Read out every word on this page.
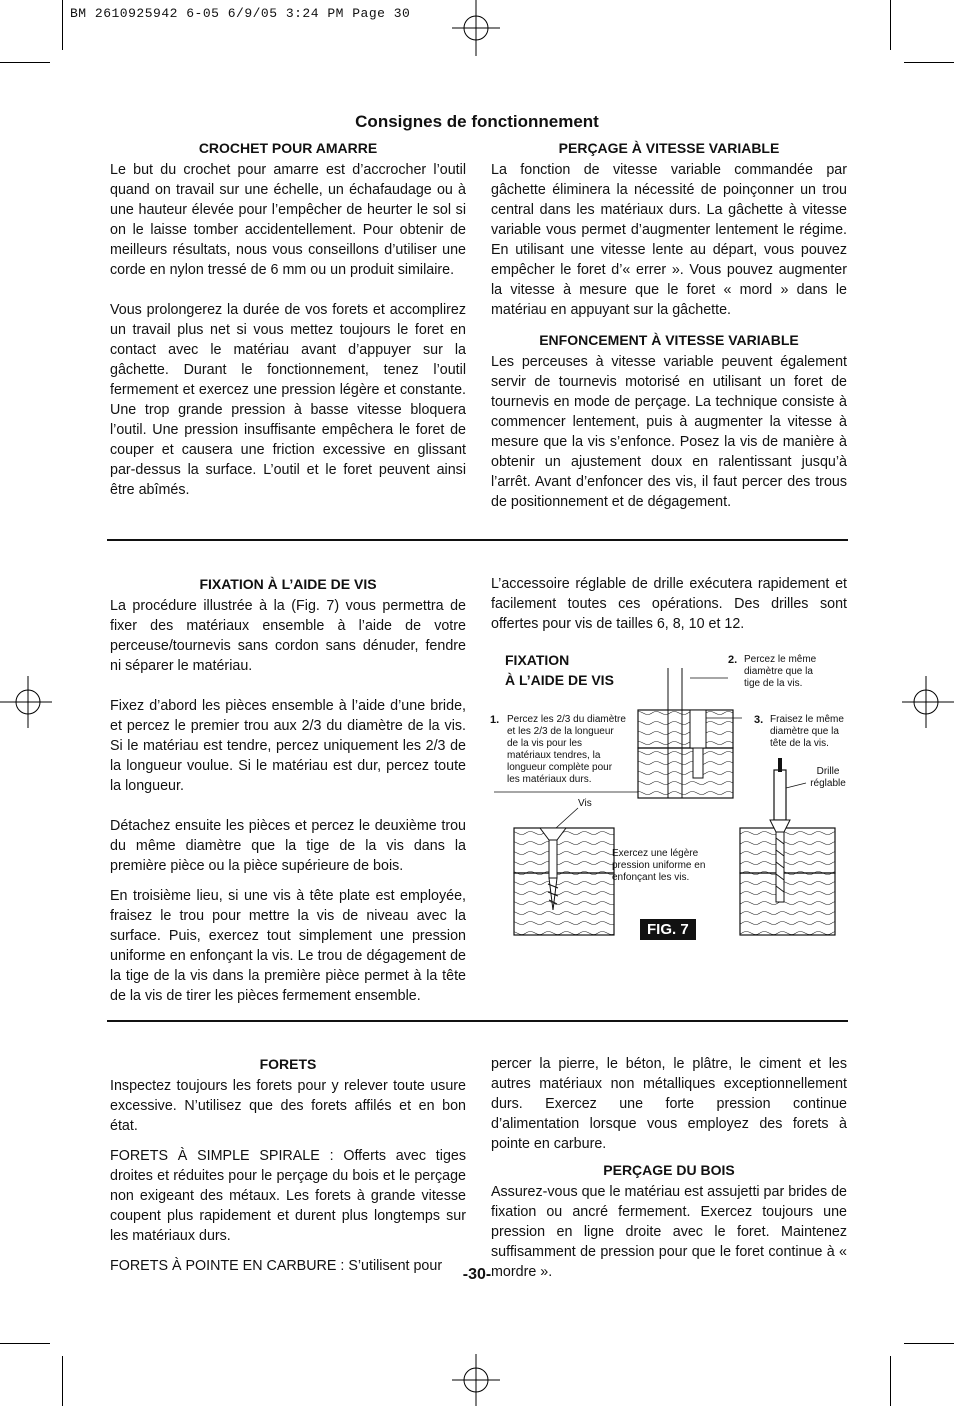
BM 2610925942 6-05 6/9/05 3:24 PM Page 30
Consignes de fonctionnement
CROCHET POUR AMARRE

Le but du crochet pour amarre est d’accrocher l’outil quand on travail sur une échelle, un échafaudage ou à une hauteur élevée pour l’empêcher de heurter le sol si on le laisse tomber accidentellement. Pour obtenir de meilleurs résultats, nous vous conseillons d’utiliser une corde en nylon tressé de 6 mm ou un produit similaire.

Vous prolongerez la durée de vos forets et accomplirez un travail plus net si vous mettez toujours le foret en contact avec le matériau avant d’appuyer sur la gâchette. Durant le fonctionnement, tenez l’outil fermement et exercez une pression légère et constante. Une trop grande pression à basse vitesse bloquera l’outil. Une pression insuffisante empêchera le foret de couper et causera une friction excessive en glissant par-dessus la surface. L’outil et le foret peuvent ainsi être abîmés.

PERÇAGE À VITESSE VARIABLE

La fonction de vitesse variable commandée par gâchette éliminera la nécessité de poinçonner un trou central dans les matériaux durs. La gâchette à vitesse variable vous permet d’augmenter lentement le régime. En utilisant une vitesse lente au départ, vous pouvez empêcher le foret d’« errer ». Vous pouvez augmenter la vitesse à mesure que le foret « mord » dans le matériau en appuyant sur la gâchette.

ENFONCEMENT À VITESSE VARIABLE

Les perceuses à vitesse variable peuvent également servir de tournevis motorisé en utilisant un foret de tournevis en mode de perçage. La technique consiste à commencer lentement, puis à augmenter la vitesse à mesure que la vis s’enfonce. Posez la vis de manière à obtenir un ajustement doux en ralentissant jusqu’à l’arrêt. Avant d’enfoncer des vis, il faut percer des trous de positionnement et de dégagement.

FIXATION À L’AIDE DE VIS

La procédure illustrée à la (Fig. 7) vous permettra de fixer des matériaux ensemble à l’aide de votre perceuse/tournevis sans cordon sans dénuder, fendre ni séparer le matériau.

Fixez d’abord les pièces ensemble à l’aide d’une bride, et percez le premier trou aux 2/3 du diamètre de la vis. Si le matériau est tendre, percez uniquement les 2/3 de la longueur voulue. Si le matériau est dur, percez toute la longueur.

Détachez ensuite les pièces et percez le deuxième trou du même diamètre que la tige de la vis dans la première pièce ou la pièce supérieure de bois.

En troisième lieu, si une vis à tête plate est employée, fraisez le trou pour mettre la vis de niveau avec la surface. Puis, exercez tout simplement une pression uniforme en enfonçant la vis. Le trou de dégagement de la tige de la vis dans la première pièce permet à la tête de la vis de tirer les pièces fermement ensemble.

L’accessoire réglable de drille exécutera rapidement et facilement toutes ces opérations. Des drilles sont offertes pour vis de tailles 6, 8, 10 et 12.

FIXATION
À L’AIDE DE VIS
1. Percez les 2/3 du diamètre et les 2/3 de la longueur de la vis pour les matériaux tendres, la longueur complète pour les matériaux durs.
2. Percez le même diamètre que la tige de la vis.
3. Fraisez le même diamètre que la tête de la vis.
Drille réglable
Vis
Exercez une légère pression uniforme en enfonçant les vis.
FIG. 7
FORETS

Inspectez toujours les forets pour y relever toute usure excessive. N’utilisez que des forets affilés et en bon état.

FORETS À SIMPLE SPIRALE : Offerts avec tiges droites et réduites pour le perçage du bois et le perçage non exigeant des métaux. Les forets à grande vitesse coupent plus rapidement et durent plus longtemps sur les matériaux durs.

FORETS À POINTE EN CARBURE : S’utilisent pour

percer la pierre, le béton, le plâtre, le ciment et les autres matériaux non métalliques exceptionnellement durs. Exercez une forte pression continue d’alimentation lorsque vous employez des forets à pointe en carbure.

PERÇAGE DU BOIS

Assurez-vous que le matériau est assujetti par brides de fixation ou ancré fermement. Exercez toujours une pression en ligne droite avec le foret. Maintenez suffisamment de pression pour que le foret continue à « mordre ».

-30-
